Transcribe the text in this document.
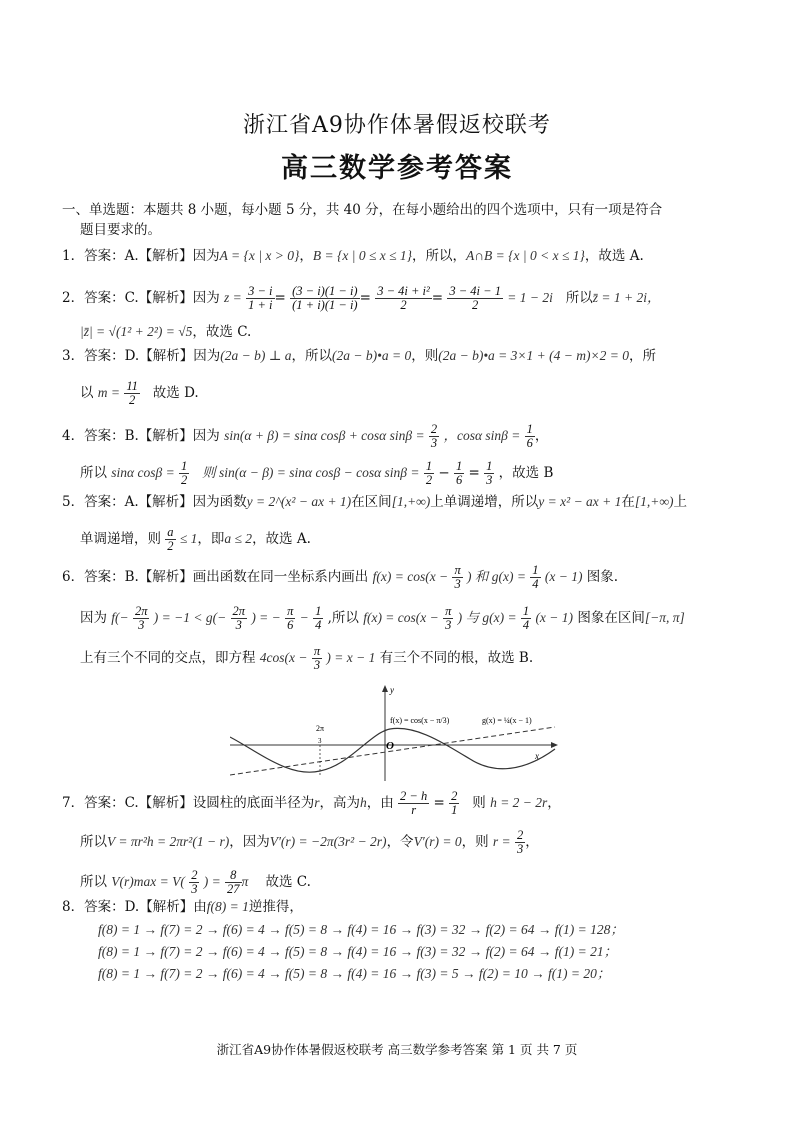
浙江省A9协作体暑假返校联考
高三数学参考答案
一、单选题：本题共 8 小题，每小题 5 分，共 40 分，在每小题给出的四个选项中，只有一项是符合
题目要求的。
1．答案：A.【解析】因为A = {x | x > 0}，B = {x | 0 ≤ x ≤ 1}，所以，A∩B = {x | 0 < x ≤ 1}，故选 A.
2．答案：C.【解析】因为 $z = \frac{3 - i}{1 + i} = \frac{(3 - i)(1 - i)}{(1 + i)(1 - i)} = \frac{\text{3 − 4i + i²}}{2} = \frac{3 - 4i - 1}{2} = 1 - 2i$ 所以z̄ = 1 + 2i，
|z̄| = √(1² + 2²) = √5，故选 C.
3．答案：D.【解析】因为(2a − b) ⊥ a，所以(2a − b)•a = 0，则(2a − b)•a = 3×1 + (4 − m)×2 = 0，所
以 $m = \frac{11}{2}$ 故选 D.
4．答案：B.【解析】因为 sin(α + β) = sinα cosβ + cosα $\sin\beta = \frac{2}{3}$ ，cosα $\sin\beta = \frac{1}{6}$ ，
所以 sinα $\cos\beta = \frac{1}{2}$ 则 sin(α − β) = sinα cosβ − cosα $\sin\beta = \frac{1}{2} - \frac{1}{6} = \frac{1}{3}$ ，故选 B
5．答案：A.【解析】因为函数y = 2^(x² − ax + 1)在区间[1,+∞)上单调递增，所以y = x² − ax + 1在[1,+∞)上
单调递增，则 $\frac{a}{2} \le 1$，即a ≤ 2，故选 A.
6．答案：B.【解析】画出函数在同一坐标系内画出 $f(x) = \cos(x - \frac{\pi}{3}$ ) 和 $g(x) = \frac{1}{4} (x - 1)$ 图象.
因为 $f(- \frac{2\pi}{3}$ ) = $-1 < g(- \frac{2\pi}{3}$ ) = − $\frac{\pi}{6} - \frac{1}{4}$ ,所以 $f(x) = \cos(x - \frac{\pi}{3}$ ) 与 $g(x) = \frac{1}{4} (x - 1)$ 图象在区间[−π, π]
上有三个不同的交点，即方程 $4\cos(x - \frac{\pi}{3}$ ) = x − 1 有三个不同的根，故选 B.
2π
3
y
x
O
f(x) = cos(x − π/3)	g(x) = ¼(x − 1)
7．答案：C.【解析】设圆柱的底面半径为r，高为h，由 $\frac{2 - h}{r} = \frac{2}{1}$ 则 h = 2 − 2r，
所以V = πr²h = 2πr²(1 − r)，因为V′(r) = −2π(3r² − 2r)，令V′(r) = 0，则 $r = \frac{2}{3}$ ，
所以 $V(r)\max = V( \frac{2}{3}$ ) = $\frac{8}{27}$ π 故选 C.
8．答案：D.【解析】由f(8) = 1逆推得，
f(8) = 1 → f(7) = 2 → f(6) = 4 → f(5) = 8 → f(4) = 16 → f(3) = 32 → f(2) = 64 → f(1) = 128；
f(8) = 1 → f(7) = 2 → f(6) = 4 → f(5) = 8 → f(4) = 16 → f(3) = 32 → f(2) = 64 → f(1) = 21；
f(8) = 1 → f(7) = 2 → f(6) = 4 → f(5) = 8 → f(4) = 16 → f(3) = 5 → f(2) = 10 → f(1) = 20；
浙江省A9协作体暑假返校联考 高三数学参考答案 第 1 页 共 7 页
